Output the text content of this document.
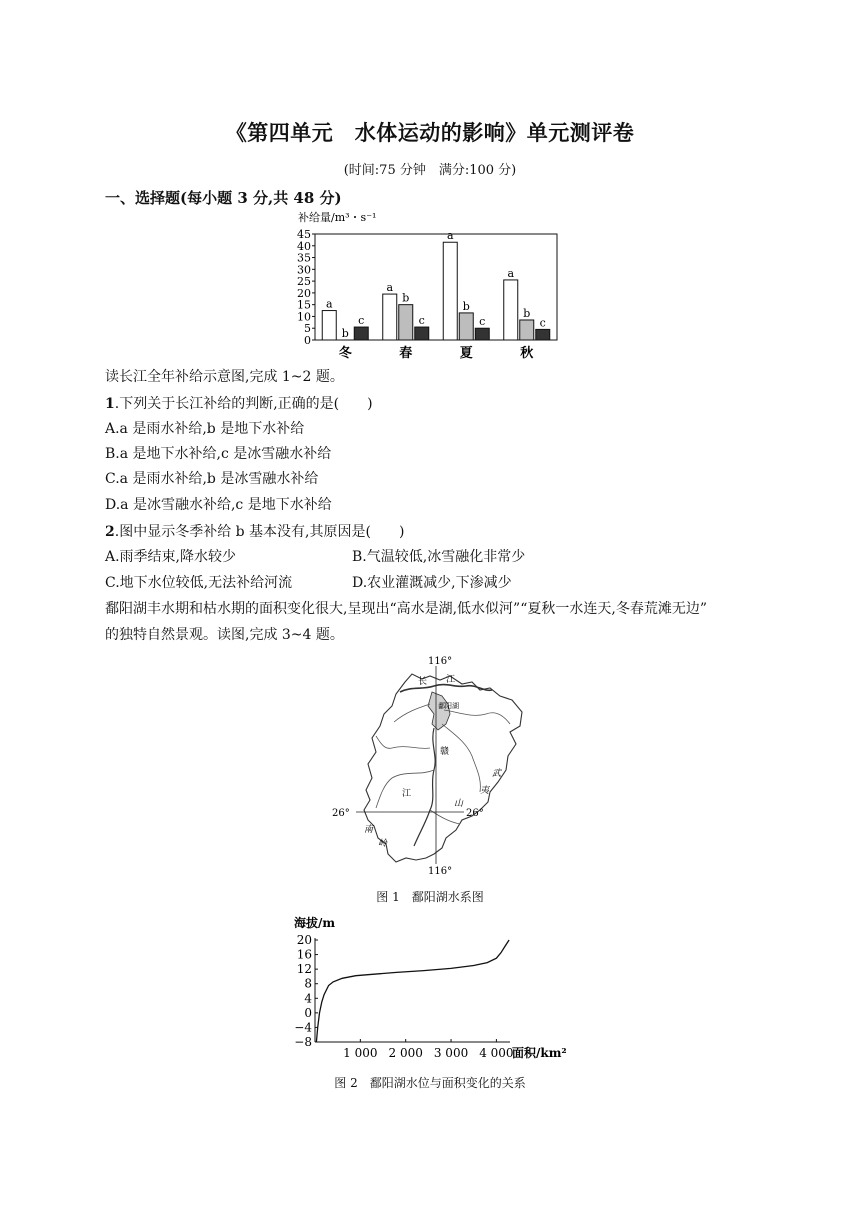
《第四单元　水体运动的影响》单元测评卷
(时间:75 分钟　满分:100 分)
一、选择题(每小题 3 分,共 48 分)
补给量/m³・s⁻¹
0
5
10
15
20
25
30
35
40
45
a
b
c
a
b
c
a
b
c
a
b
c
冬	春	夏	秋
读长江全年补给示意图,完成 1~2 题。
1.下列关于长江补给的判断,正确的是(　　)
A.a 是雨水补给,b 是地下水补给
B.a 是地下水补给,c 是冰雪融水补给
C.a 是雨水补给,b 是冰雪融水补给
D.a 是冰雪融水补给,c 是地下水补给
2.图中显示冬季补给 b 基本没有,其原因是(　　)
A.雨季结束,降水较少	B.气温较低,冰雪融化非常少
C.地下水位较低,无法补给河流	D.农业灌溉减少,下渗减少
鄱阳湖丰水期和枯水期的面积变化很大,呈现出“高水是湖,低水似河”“夏秋一水连天,冬春荒滩无边”
的独特自然景观。读图,完成 3~4 题。
116°
116°
26°	26°
长 江
鄱阳湖
赣
江
武
夷
山
南
岭
图 1　鄱阳湖水系图
海拔/m
20
16
12
8
4
0
−4
−8
1 000 2 000 3 000 4 000
面积/km²
图 2　鄱阳湖水位与面积变化的关系
